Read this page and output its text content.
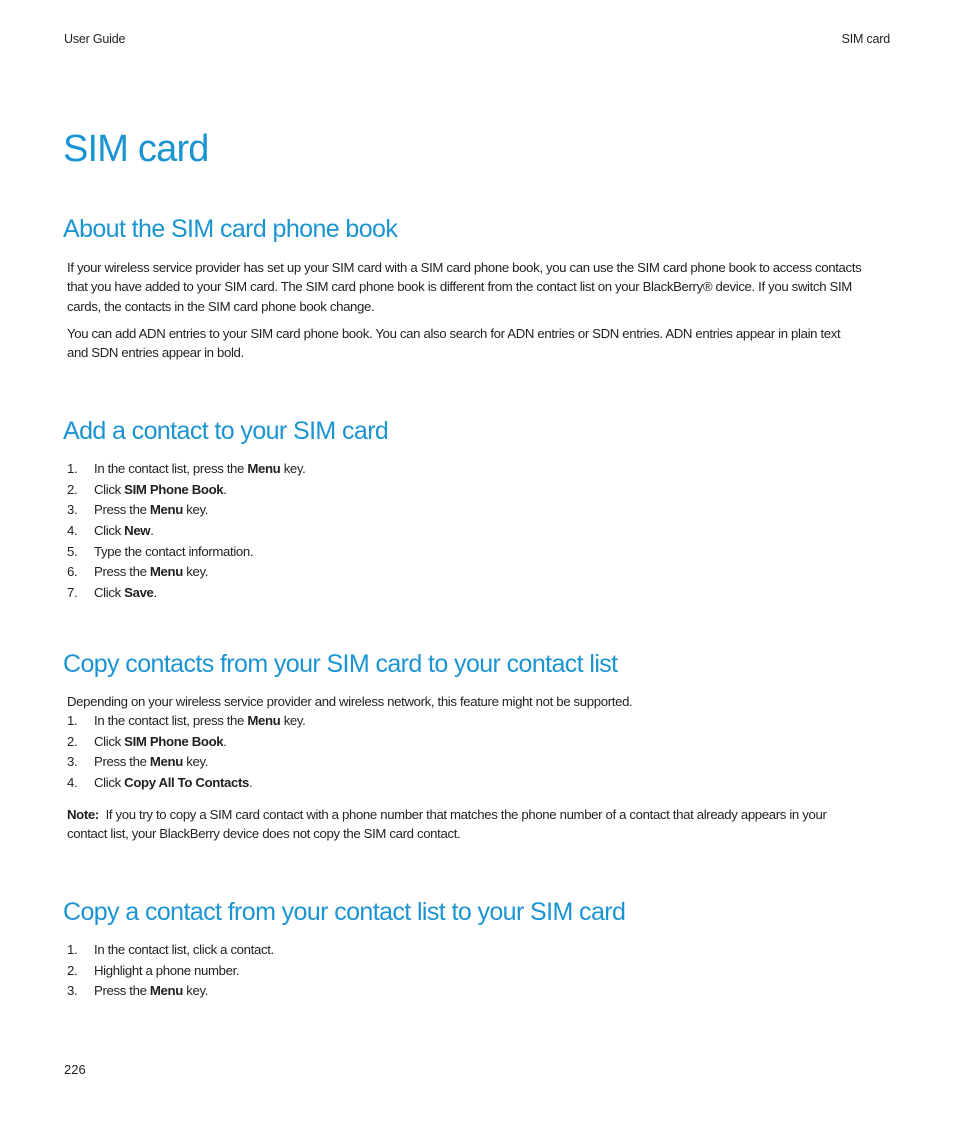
User Guide	SIM card
SIM card
About the SIM card phone book
If your wireless service provider has set up your SIM card with a SIM card phone book, you can use the SIM card phone book to access contacts
that you have added to your SIM card. The SIM card phone book is different from the contact list on your BlackBerry® device. If you switch SIM
cards, the contacts in the SIM card phone book change.
You can add ADN entries to your SIM card phone book. You can also search for ADN entries or SDN entries. ADN entries appear in plain text
and SDN entries appear in bold.
Add a contact to your SIM card
1. In the contact list, press the Menu key.
2. Click SIM Phone Book.
3. Press the Menu key.
4. Click New.
5. Type the contact information.
6. Press the Menu key.
7. Click Save.
Copy contacts from your SIM card to your contact list
Depending on your wireless service provider and wireless network, this feature might not be supported.
1. In the contact list, press the Menu key.
2. Click SIM Phone Book.
3. Press the Menu key.
4. Click Copy All To Contacts.
Note: If you try to copy a SIM card contact with a phone number that matches the phone number of a contact that already appears in your
contact list, your BlackBerry device does not copy the SIM card contact.
Copy a contact from your contact list to your SIM card
1. In the contact list, click a contact.
2. Highlight a phone number.
3. Press the Menu key.
226
